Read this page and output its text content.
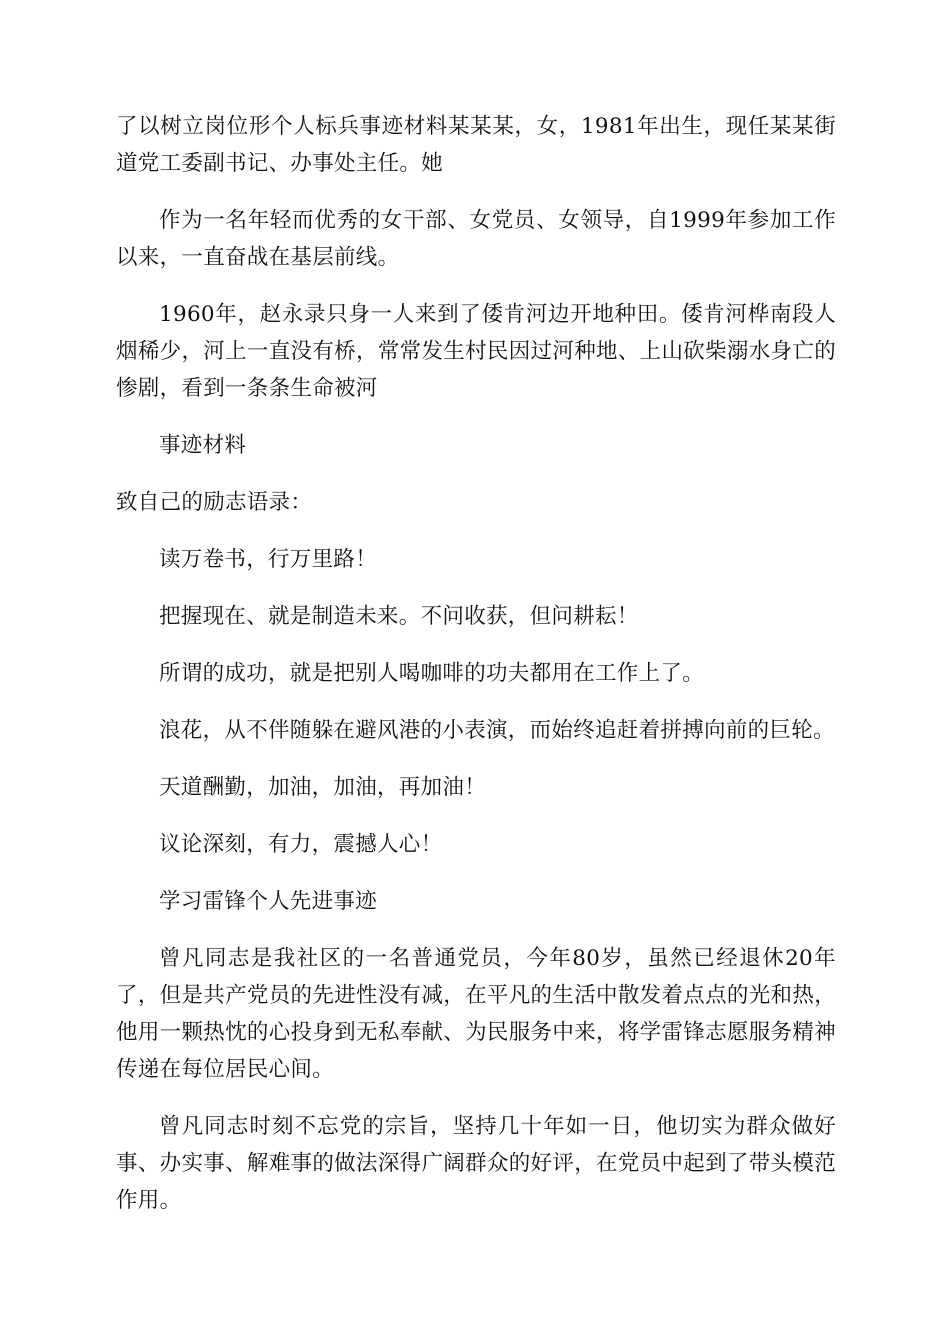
了以树立岗位形个人标兵事迹材料某某某，女，1981年出生，现任某某街道党工委副书记、办事处主任。她

作为一名年轻而优秀的女干部、女党员、女领导，自1999年参加工作以来，一直奋战在基层前线。

1960年，赵永录只身一人来到了倭肯河边开地种田。倭肯河桦南段人烟稀少，河上一直没有桥，常常发生村民因过河种地、上山砍柴溺水身亡的惨剧，看到一条条生命被河

事迹材料

致自己的励志语录：

读万卷书，行万里路！

把握现在、就是制造未来。不问收获，但问耕耘！

所谓的成功，就是把别人喝咖啡的功夫都用在工作上了。

浪花，从不伴随躲在避风港的小表演，而始终追赶着拼搏向前的巨轮。

天道酬勤，加油，加油，再加油！

议论深刻，有力，震撼人心！

学习雷锋个人先进事迹

曾凡同志是我社区的一名普通党员，今年80岁，虽然已经退休20年了，但是共产党员的先进性没有减，在平凡的生活中散发着点点的光和热，他用一颗热忱的心投身到无私奉献、为民服务中来，将学雷锋志愿服务精神传递在每位居民心间。

曾凡同志时刻不忘党的宗旨，坚持几十年如一日，他切实为群众做好事、办实事、解难事的做法深得广阔群众的好评，在党员中起到了带头模范作用。
